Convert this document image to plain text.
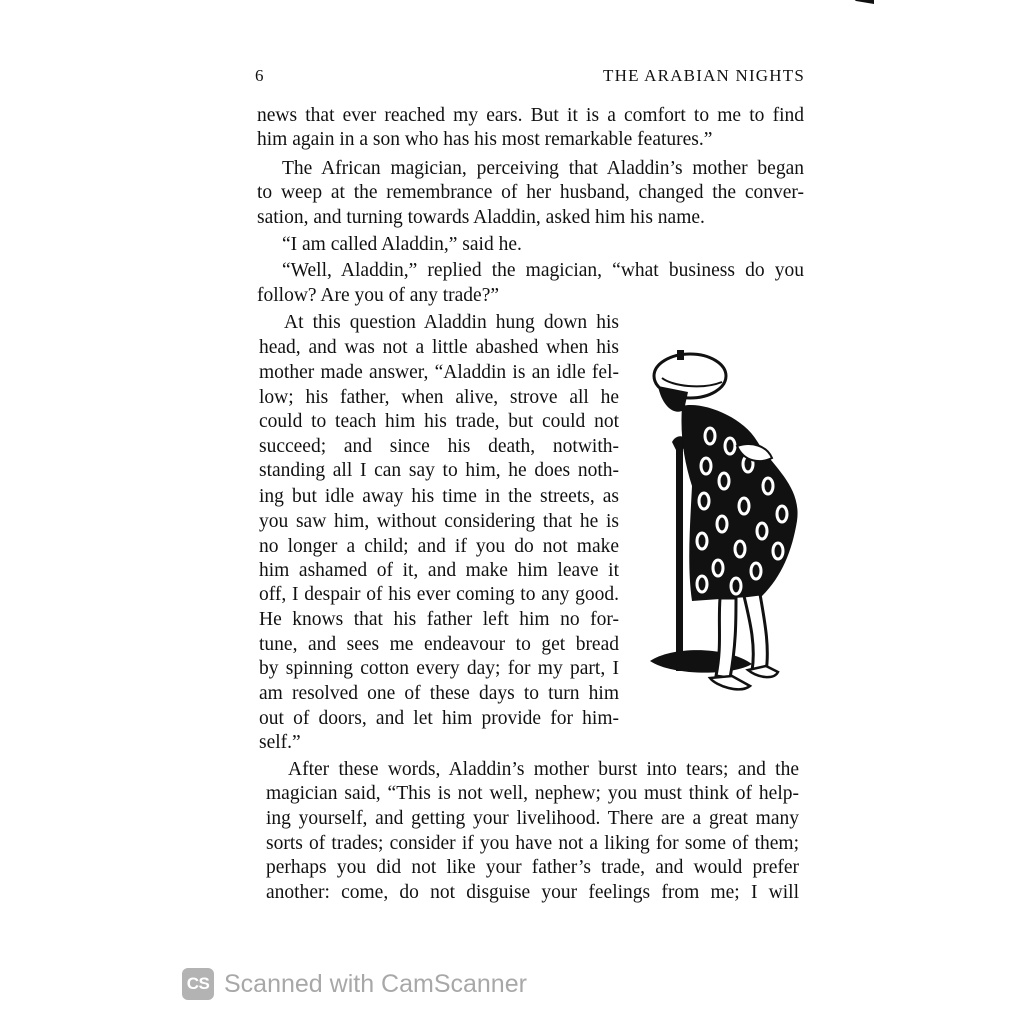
6	THE ARABIAN NIGHTS
news that ever reached my ears. But it is a comfort to me to find
him again in a son who has his most remarkable features.”
The African magician, perceiving that Aladdin’s mother began
to weep at the remembrance of her husband, changed the conver-
sation, and turning towards Aladdin, asked him his name.
“I am called Aladdin,” said he.
“Well, Aladdin,” replied the magician, “what business do you
follow? Are you of any trade?”
At this question Aladdin hung down his
head, and was not a little abashed when his
mother made answer, “Aladdin is an idle fel-
low; his father, when alive, strove all he
could to teach him his trade, but could not
succeed; and since his death, notwith-
standing all I can say to him, he does noth-
ing but idle away his time in the streets, as
you saw him, without considering that he is
no longer a child; and if you do not make
him ashamed of it, and make him leave it
off, I despair of his ever coming to any good.
He knows that his father left him no for-
tune, and sees me endeavour to get bread
by spinning cotton every day; for my part, I
am resolved one of these days to turn him
out of doors, and let him provide for him-
self.”
After these words, Aladdin’s mother burst into tears; and the
magician said, “This is not well, nephew; you must think of help-
ing yourself, and getting your livelihood. There are a great many
sorts of trades; consider if you have not a liking for some of them;
perhaps you did not like your father’s trade, and would prefer
another: come, do not disguise your feelings from me; I will
CS Scanned with CamScanner
